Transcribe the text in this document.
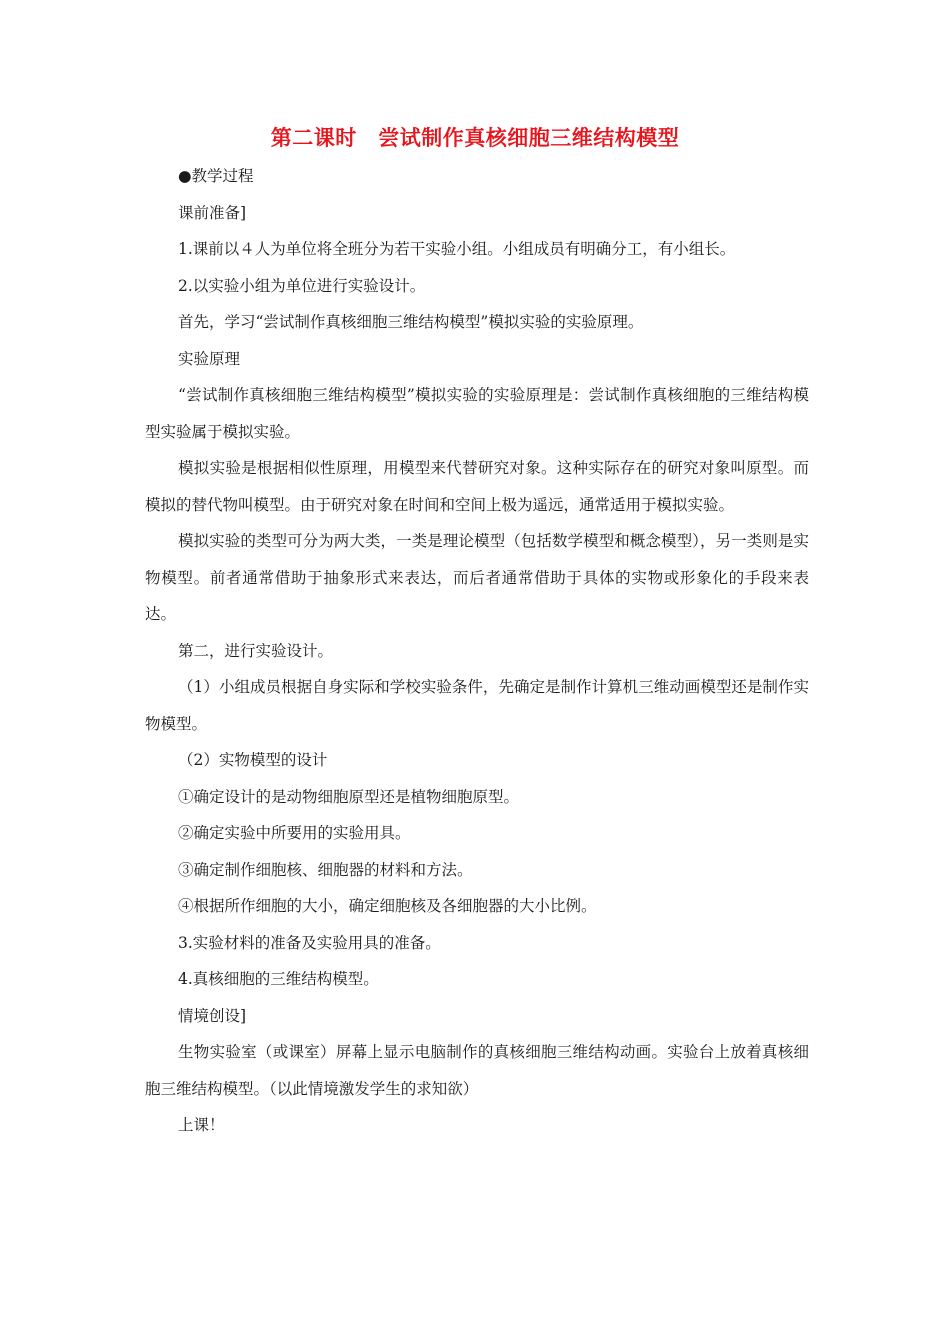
第二课时　尝试制作真核细胞三维结构模型

●教学过程

课前准备]

1.课前以４人为单位将全班分为若干实验小组。小组成员有明确分工，有小组长。

2.以实验小组为单位进行实验设计。

首先，学习“尝试制作真核细胞三维结构模型”模拟实验的实验原理。

实验原理

“尝试制作真核细胞三维结构模型”模拟实验的实验原理是：尝试制作真核细胞的三维结构模型实验属于模拟实验。

模拟实验是根据相似性原理，用模型来代替研究对象。这种实际存在的研究对象叫原型。而模拟的替代物叫模型。由于研究对象在时间和空间上极为遥远，通常适用于模拟实验。

模拟实验的类型可分为两大类，一类是理论模型（包括数学模型和概念模型），另一类则是实物模型。前者通常借助于抽象形式来表达，而后者通常借助于具体的实物或形象化的手段来表达。

第二，进行实验设计。

（1）小组成员根据自身实际和学校实验条件，先确定是制作计算机三维动画模型还是制作实物模型。

（2）实物模型的设计

①确定设计的是动物细胞原型还是植物细胞原型。

②确定实验中所要用的实验用具。

③确定制作细胞核、细胞器的材料和方法。

④根据所作细胞的大小，确定细胞核及各细胞器的大小比例。

3.实验材料的准备及实验用具的准备。

4.真核细胞的三维结构模型。

情境创设]

生物实验室（或课室）屏幕上显示电脑制作的真核细胞三维结构动画。实验台上放着真核细胞三维结构模型。（以此情境激发学生的求知欲）

上课！
